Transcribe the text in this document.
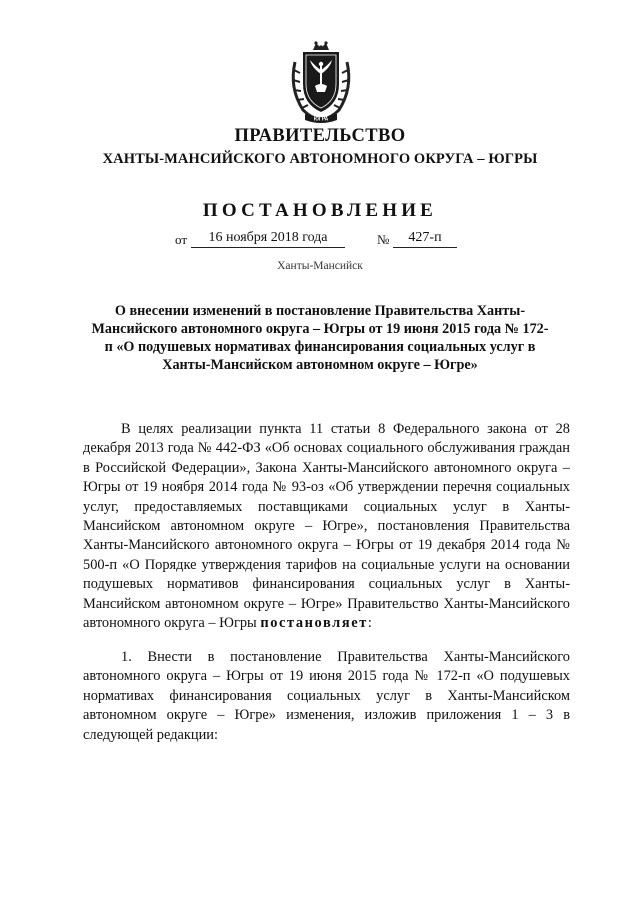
ЮГРА
ПРАВИТЕЛЬСТВО
ХАНТЫ-МАНСИЙСКОГО АВТОНОМНОГО ОКРУГА – ЮГРЫ
ПОСТАНОВЛЕНИЕ
от	16 ноября 2018 года	№	427-п
Ханты-Мансийск
О внесении изменений в постановление Правительства Ханты-Мансийского автономного округа – Югры от 19 июня 2015 года № 172-п «О подушевых нормативах финансирования социальных услуг в Ханты-Мансийском автономном округе – Югре»
В целях реализации пункта 11 статьи 8 Федерального закона от 28 декабря 2013 года № 442-ФЗ «Об основах социального обслуживания граждан в Российской Федерации», Закона Ханты-Мансийского автономного округа – Югры от 19 ноября 2014 года № 93-оз «Об утверждении перечня социальных услуг, предоставляемых поставщиками социальных услуг в Ханты-Мансийском автономном округе – Югре», постановления Правительства Ханты-Мансийского автономного округа – Югры от 19 декабря 2014 года № 500-п «О Порядке утверждения тарифов на социальные услуги на основании подушевых нормативов финансирования социальных услуг в Ханты-Мансийском автономном округе – Югре» Правительство Ханты-Мансийского автономного округа – Югры постановляет:
1. Внести в постановление Правительства Ханты-Мансийского автономного округа – Югры от 19 июня 2015 года № 172-п «О подушевых нормативах финансирования социальных услуг в Ханты-Мансийском автономном округе – Югре» изменения, изложив приложения 1 – 3 в следующей редакции:
